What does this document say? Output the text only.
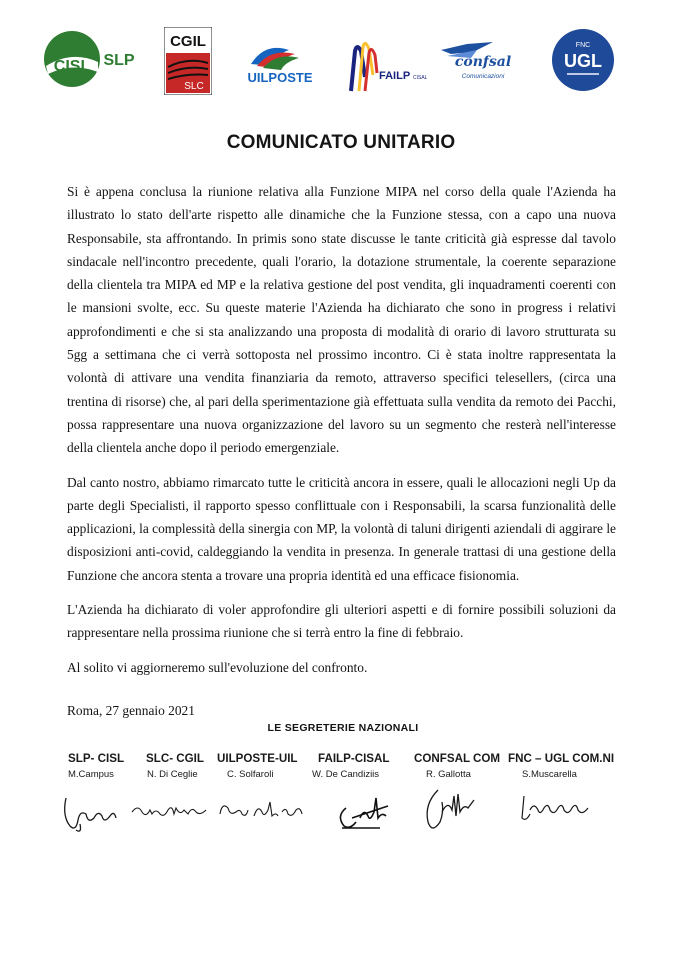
CISL SLP
CGIL
SLC
UILPOSTE	FAILP CISAL
confsal
Comunicazioni
FNC
UGL
COMUNICATO UNITARIO

Si è appena conclusa la riunione relativa alla Funzione MIPA nel corso della quale l'Azienda ha illustrato lo stato dell'arte rispetto alle dinamiche che la Funzione stessa, con a capo una nuova Responsabile, sta affrontando. In primis sono state discusse le tante criticità già espresse dal tavolo sindacale nell'incontro precedente, quali l'orario, la dotazione strumentale, la coerente separazione della clientela tra MIPA ed MP e la relativa gestione del post vendita, gli inquadramenti coerenti con le mansioni svolte, ecc. Su queste materie l'Azienda ha dichiarato che sono in progress i relativi approfondimenti e che si sta analizzando una proposta di modalità di orario di lavoro strutturata su 5gg a settimana che ci verrà sottoposta nel prossimo incontro. Ci è stata inoltre rappresentata la volontà di attivare una vendita finanziaria da remoto, attraverso specifici telesellers, (circa una trentina di risorse) che, al pari della sperimentazione già effettuata sulla vendita da remoto dei Pacchi, possa rappresentare una nuova organizzazione del lavoro su un segmento che resterà nell'interesse della clientela anche dopo il periodo emergenziale.

Dal canto nostro, abbiamo rimarcato tutte le criticità ancora in essere, quali le allocazioni negli Up da parte degli Specialisti, il rapporto spesso conflittuale con i Responsabili, la scarsa funzionalità delle applicazioni, la complessità della sinergia con MP, la volontà di taluni dirigenti aziendali di aggirare le disposizioni anti-covid, caldeggiando la vendita in presenza. In generale trattasi di una gestione della Funzione che ancora stenta a trovare una propria identità ed una efficace fisionomia.

L'Azienda ha dichiarato di voler approfondire gli ulteriori aspetti e di fornire possibili soluzioni da rappresentare nella prossima riunione che si terrà entro la fine di febbraio.

Al solito vi aggiorneremo sull'evoluzione del confronto.

Roma, 27 gennaio 2021
LE SEGRETERIE NAZIONALI
SLP- CISL
M.Campus
SLC- CGIL
N. Di Ceglie
UILPOSTE-UIL
C. Solfaroli
FAILP-CISAL
W. De Candiziis
CONFSAL COM
R. Gallotta
FNC – UGL COM.NI
S.Muscarella
